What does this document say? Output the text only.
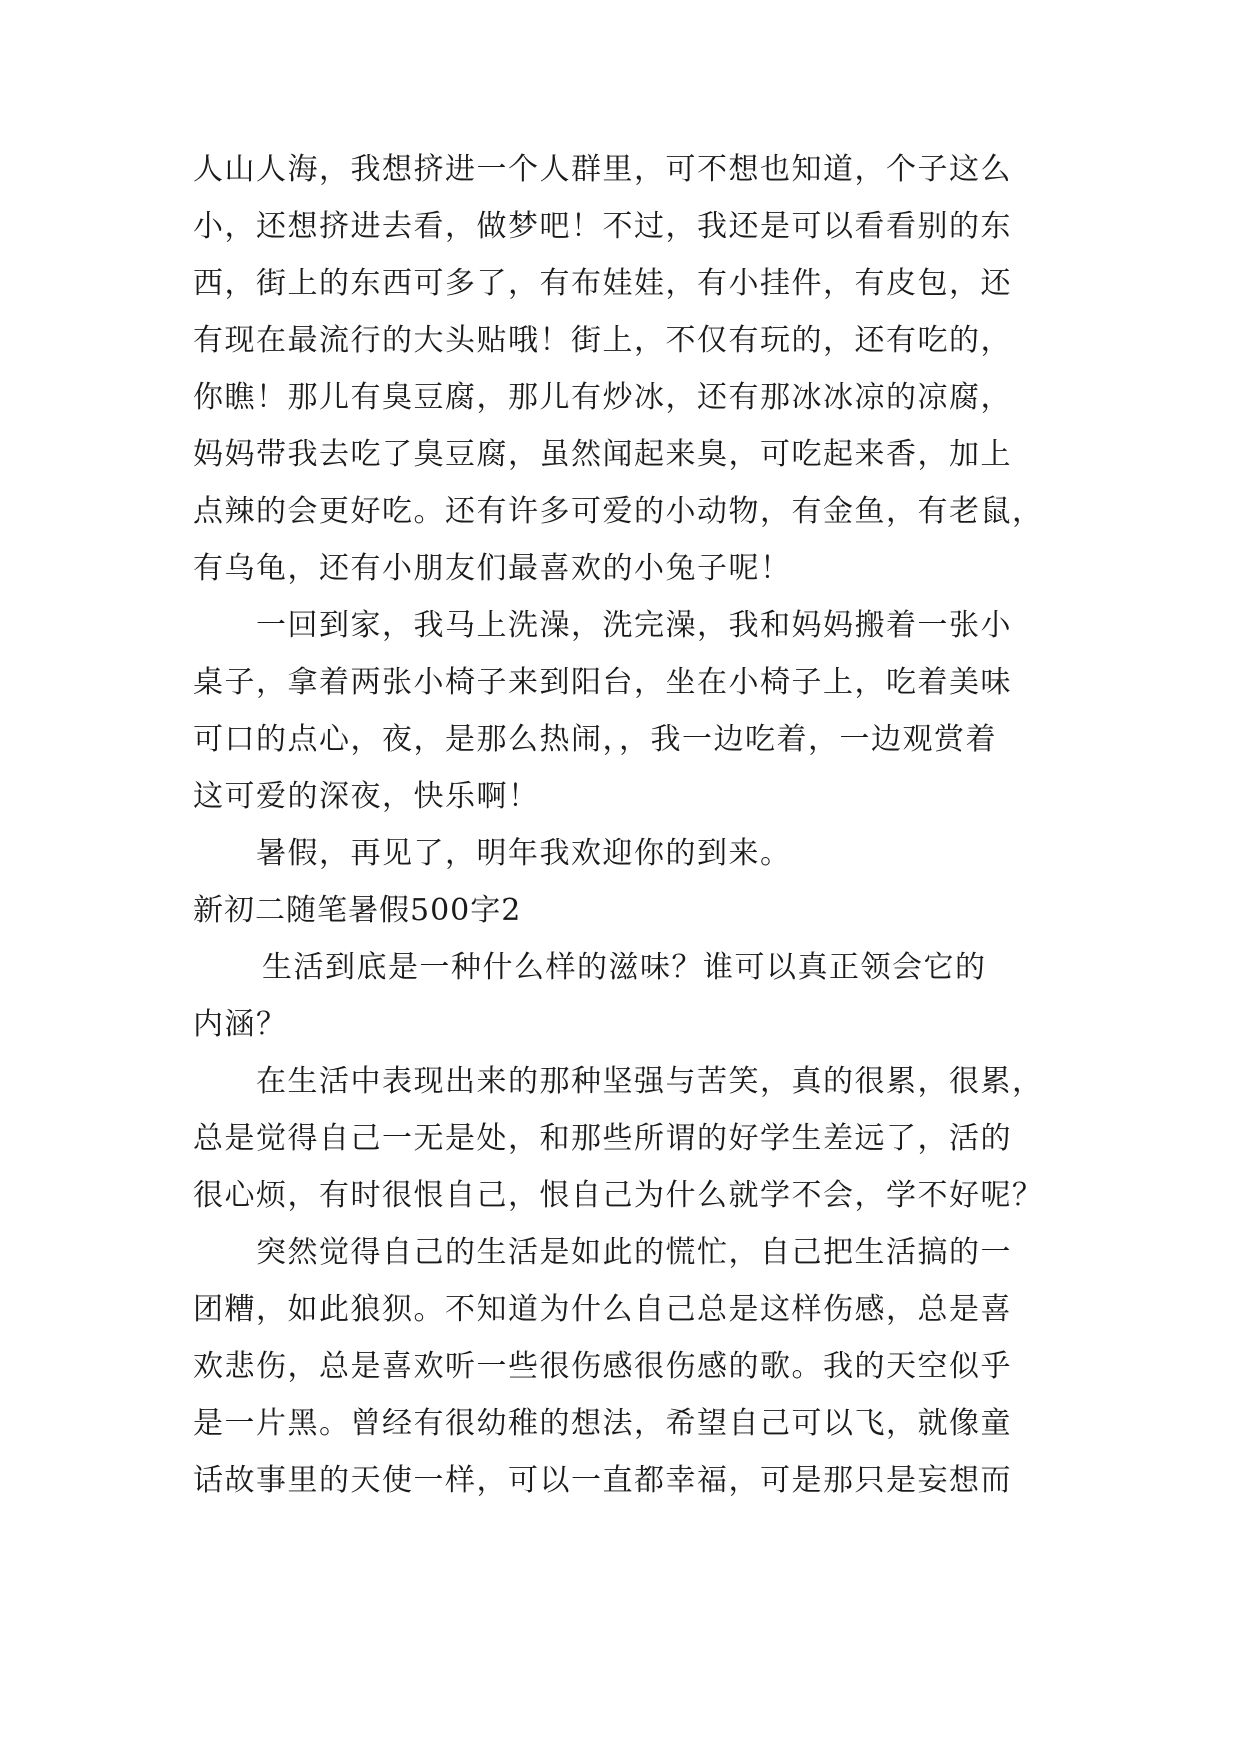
人山人海，我想挤进一个人群里，可不想也知道，个子这么
小，还想挤进去看，做梦吧！不过，我还是可以看看别的东
西，街上的东西可多了，有布娃娃，有小挂件，有皮包，还
有现在最流行的大头贴哦！街上，不仅有玩的，还有吃的，
你瞧！那儿有臭豆腐，那儿有炒冰，还有那冰冰凉的凉腐，
妈妈带我去吃了臭豆腐，虽然闻起来臭，可吃起来香，加上
点辣的会更好吃。还有许多可爱的小动物，有金鱼，有老鼠，
有乌龟，还有小朋友们最喜欢的小兔子呢！
一回到家，我马上洗澡，洗完澡，我和妈妈搬着一张小
桌子，拿着两张小椅子来到阳台，坐在小椅子上，吃着美味
可口的点心，夜，是那么热闹，，我一边吃着，一边观赏着
这可爱的深夜，快乐啊！
暑假，再见了，明年我欢迎你的到来。
新初二随笔暑假500字2
生活到底是一种什么样的滋味？谁可以真正领会它的
内涵？
在生活中表现出来的那种坚强与苦笑，真的很累，很累，
总是觉得自己一无是处，和那些所谓的好学生差远了，活的
很心烦，有时很恨自己，恨自己为什么就学不会，学不好呢？
突然觉得自己的生活是如此的慌忙，自己把生活搞的一
团糟，如此狼狈。不知道为什么自己总是这样伤感，总是喜
欢悲伤，总是喜欢听一些很伤感很伤感的歌。我的天空似乎
是一片黑。曾经有很幼稚的想法，希望自己可以飞，就像童
话故事里的天使一样，可以一直都幸福，可是那只是妄想而
